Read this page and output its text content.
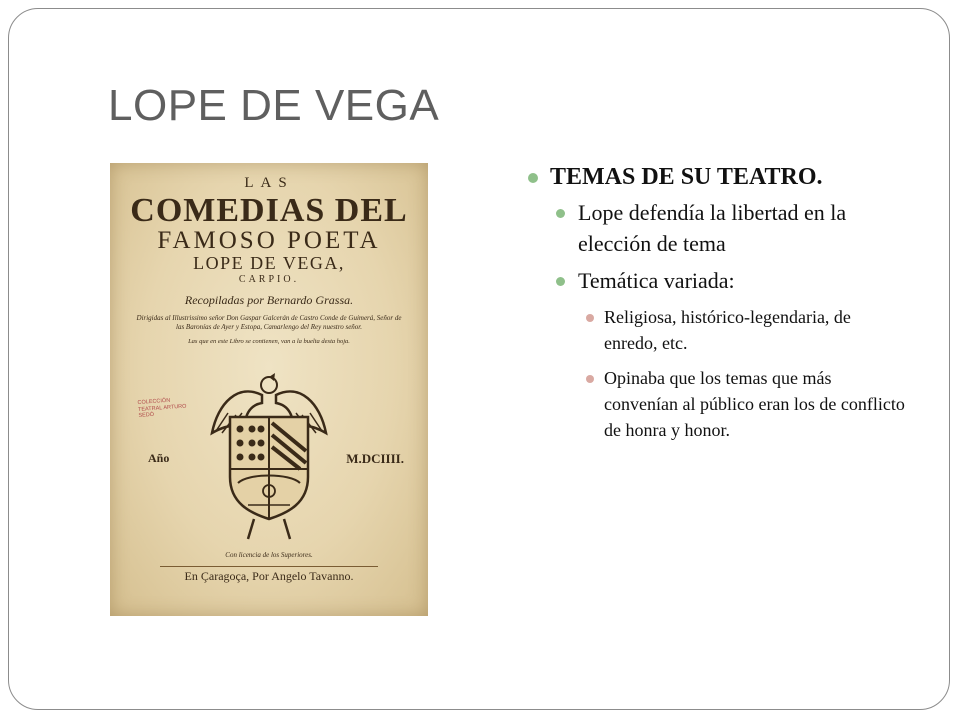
LOPE DE VEGA
LAS
COMEDIAS DEL
FAMOSO POETA
LOPE DE VEGA,
CARPIO.
Recopiladas por Bernardo Grassa.
Dirigidas al Illustrissimo señor Don Gaspar Galcerán de Castro Conde de Guimerá, Señor de las Baronías de Ayer y Estopa, Camarlengo del Rey nuestro señor.
Las que en este Libro se contienen, van a la buelta desta hoja.
COLECCIÓN TEATRAL ARTURO SEDÓ
Año	M.DCIIII.
Con licencia de los Superiores.
En Çaragoça, Por Angelo Tavanno.
TEMAS DE SU TEATRO.
Lope defendía la libertad en la elección de tema
Temática variada:
Religiosa, histórico-legendaria, de enredo, etc.
Opinaba que los temas que más convenían al público eran los de conflicto de honra y honor.
